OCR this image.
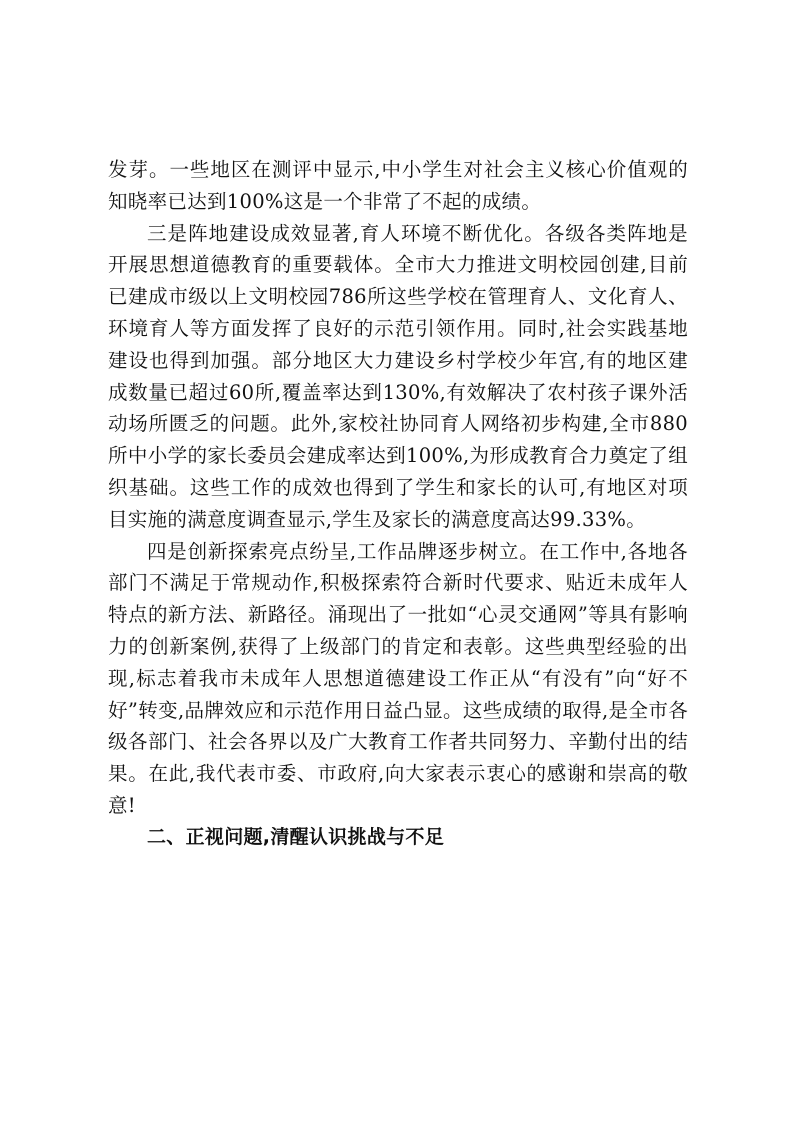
发芽。一些地区在测评中显示,中小学生对社会主义核心价值观的知晓率已达到100%这是一个非常了不起的成绩。

三是阵地建设成效显著,育人环境不断优化。各级各类阵地是开展思想道德教育的重要载体。全市大力推进文明校园创建,目前已建成市级以上文明校园786所这些学校在管理育人、文化育人、环境育人等方面发挥了良好的示范引领作用。同时,社会实践基地建设也得到加强。部分地区大力建设乡村学校少年宫,有的地区建成数量已超过60所,覆盖率达到130%,有效解决了农村孩子课外活动场所匮乏的问题。此外,家校社协同育人网络初步构建,全市880所中小学的家长委员会建成率达到100%,为形成教育合力奠定了组织基础。这些工作的成效也得到了学生和家长的认可,有地区对项目实施的满意度调查显示,学生及家长的满意度高达99.33%。

四是创新探索亮点纷呈,工作品牌逐步树立。在工作中,各地各部门不满足于常规动作,积极探索符合新时代要求、贴近未成年人特点的新方法、新路径。涌现出了一批如“心灵交通网”等具有影响力的创新案例,获得了上级部门的肯定和表彰。这些典型经验的出现,标志着我市未成年人思想道德建设工作正从“有没有”向“好不好”转变,品牌效应和示范作用日益凸显。这些成绩的取得,是全市各级各部门、社会各界以及广大教育工作者共同努力、辛勤付出的结果。在此,我代表市委、市政府,向大家表示衷心的感谢和崇高的敬意!

二、正视问题,清醒认识挑战与不足
